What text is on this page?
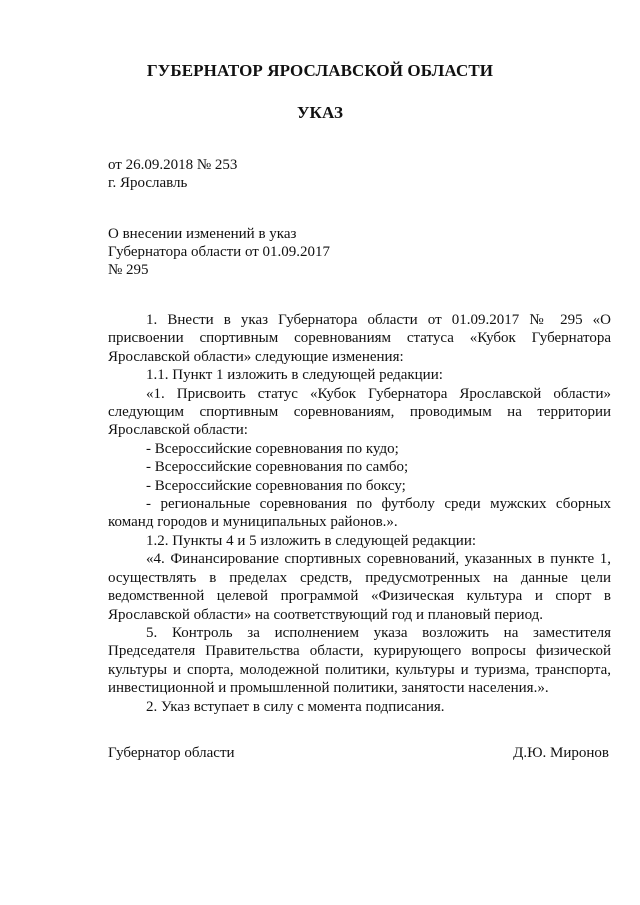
ГУБЕРНАТОР ЯРОСЛАВСКОЙ ОБЛАСТИ
УКАЗ
от 26.09.2018 № 253
г. Ярославль
О внесении изменений в указ
Губернатора области от 01.09.2017
№ 295

1. Внести в указ Губернатора области от 01.09.2017 № 295 «О присвоении спортивным соревнованиям статуса «Кубок Губернатора Ярославской области» следующие изменения:

1.1. Пункт 1 изложить в следующей редакции:

«1. Присвоить статус «Кубок Губернатора Ярославской области» следующим спортивным соревнованиям, проводимым на территории Ярославской области:

- Всероссийские соревнования по кудо;

- Всероссийские соревнования по самбо;

- Всероссийские соревнования по боксу;

- региональные соревнования по футболу среди мужских сборных команд городов и муниципальных районов.».

1.2. Пункты 4 и 5 изложить в следующей редакции:

«4. Финансирование спортивных соревнований, указанных в пункте 1, осуществлять в пределах средств, предусмотренных на данные цели ведомственной целевой программой «Физическая культура и спорт в Ярославской области» на соответствующий год и плановый период.

5. Контроль за исполнением указа возложить на заместителя Председателя Правительства области, курирующего вопросы физической культуры и спорта, молодежной политики, культуры и туризма, транспорта, инвестиционной и промышленной политики, занятости населения.».

2. Указ вступает в силу с момента подписания.

Губернатор области	Д.Ю. Миронов
